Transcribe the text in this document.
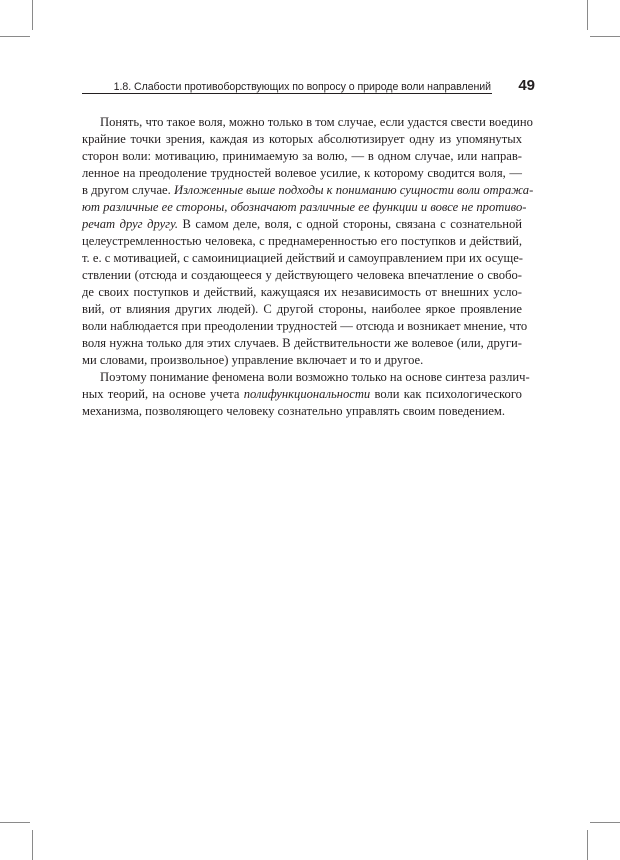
1.8. Слабости противоборствующих по вопросу о природе воли направлений 49
Понять, что такое воля, можно только в том случае, если удастся свести воедино
крайние точки зрения, каждая из которых абсолютизирует одну из упомянутых
сторон воли: мотивацию, принимаемую за волю, — в одном случае, или направ-
ленное на преодоление трудностей волевое усилие, к которому сводится воля, —
в другом случае. Изложенные выше подходы к пониманию сущности воли отража-
ют различные ее стороны, обозначают различные ее функции и вовсе не противо-
речат друг другу. В самом деле, воля, с одной стороны, связана с сознательной
целеустремленностью человека, с преднамеренностью его поступков и действий,
т. е. с мотивацией, с самоинициацией действий и самоуправлением при их осуще-
ствлении (отсюда и создающееся у действующего человека впечатление о свобо-
де своих поступков и действий, кажущаяся их независимость от внешних усло-
вий, от влияния других людей). С другой стороны, наиболее яркое проявление
воли наблюдается при преодолении трудностей — отсюда и возникает мнение, что
воля нужна только для этих случаев. В действительности же волевое (или, други-
ми словами, произвольное) управление включает и то и другое.
Поэтому понимание феномена воли возможно только на основе синтеза различ-
ных теорий, на основе учета полифункциональности воли как психологического
механизма, позволяющего человеку сознательно управлять своим поведением.
